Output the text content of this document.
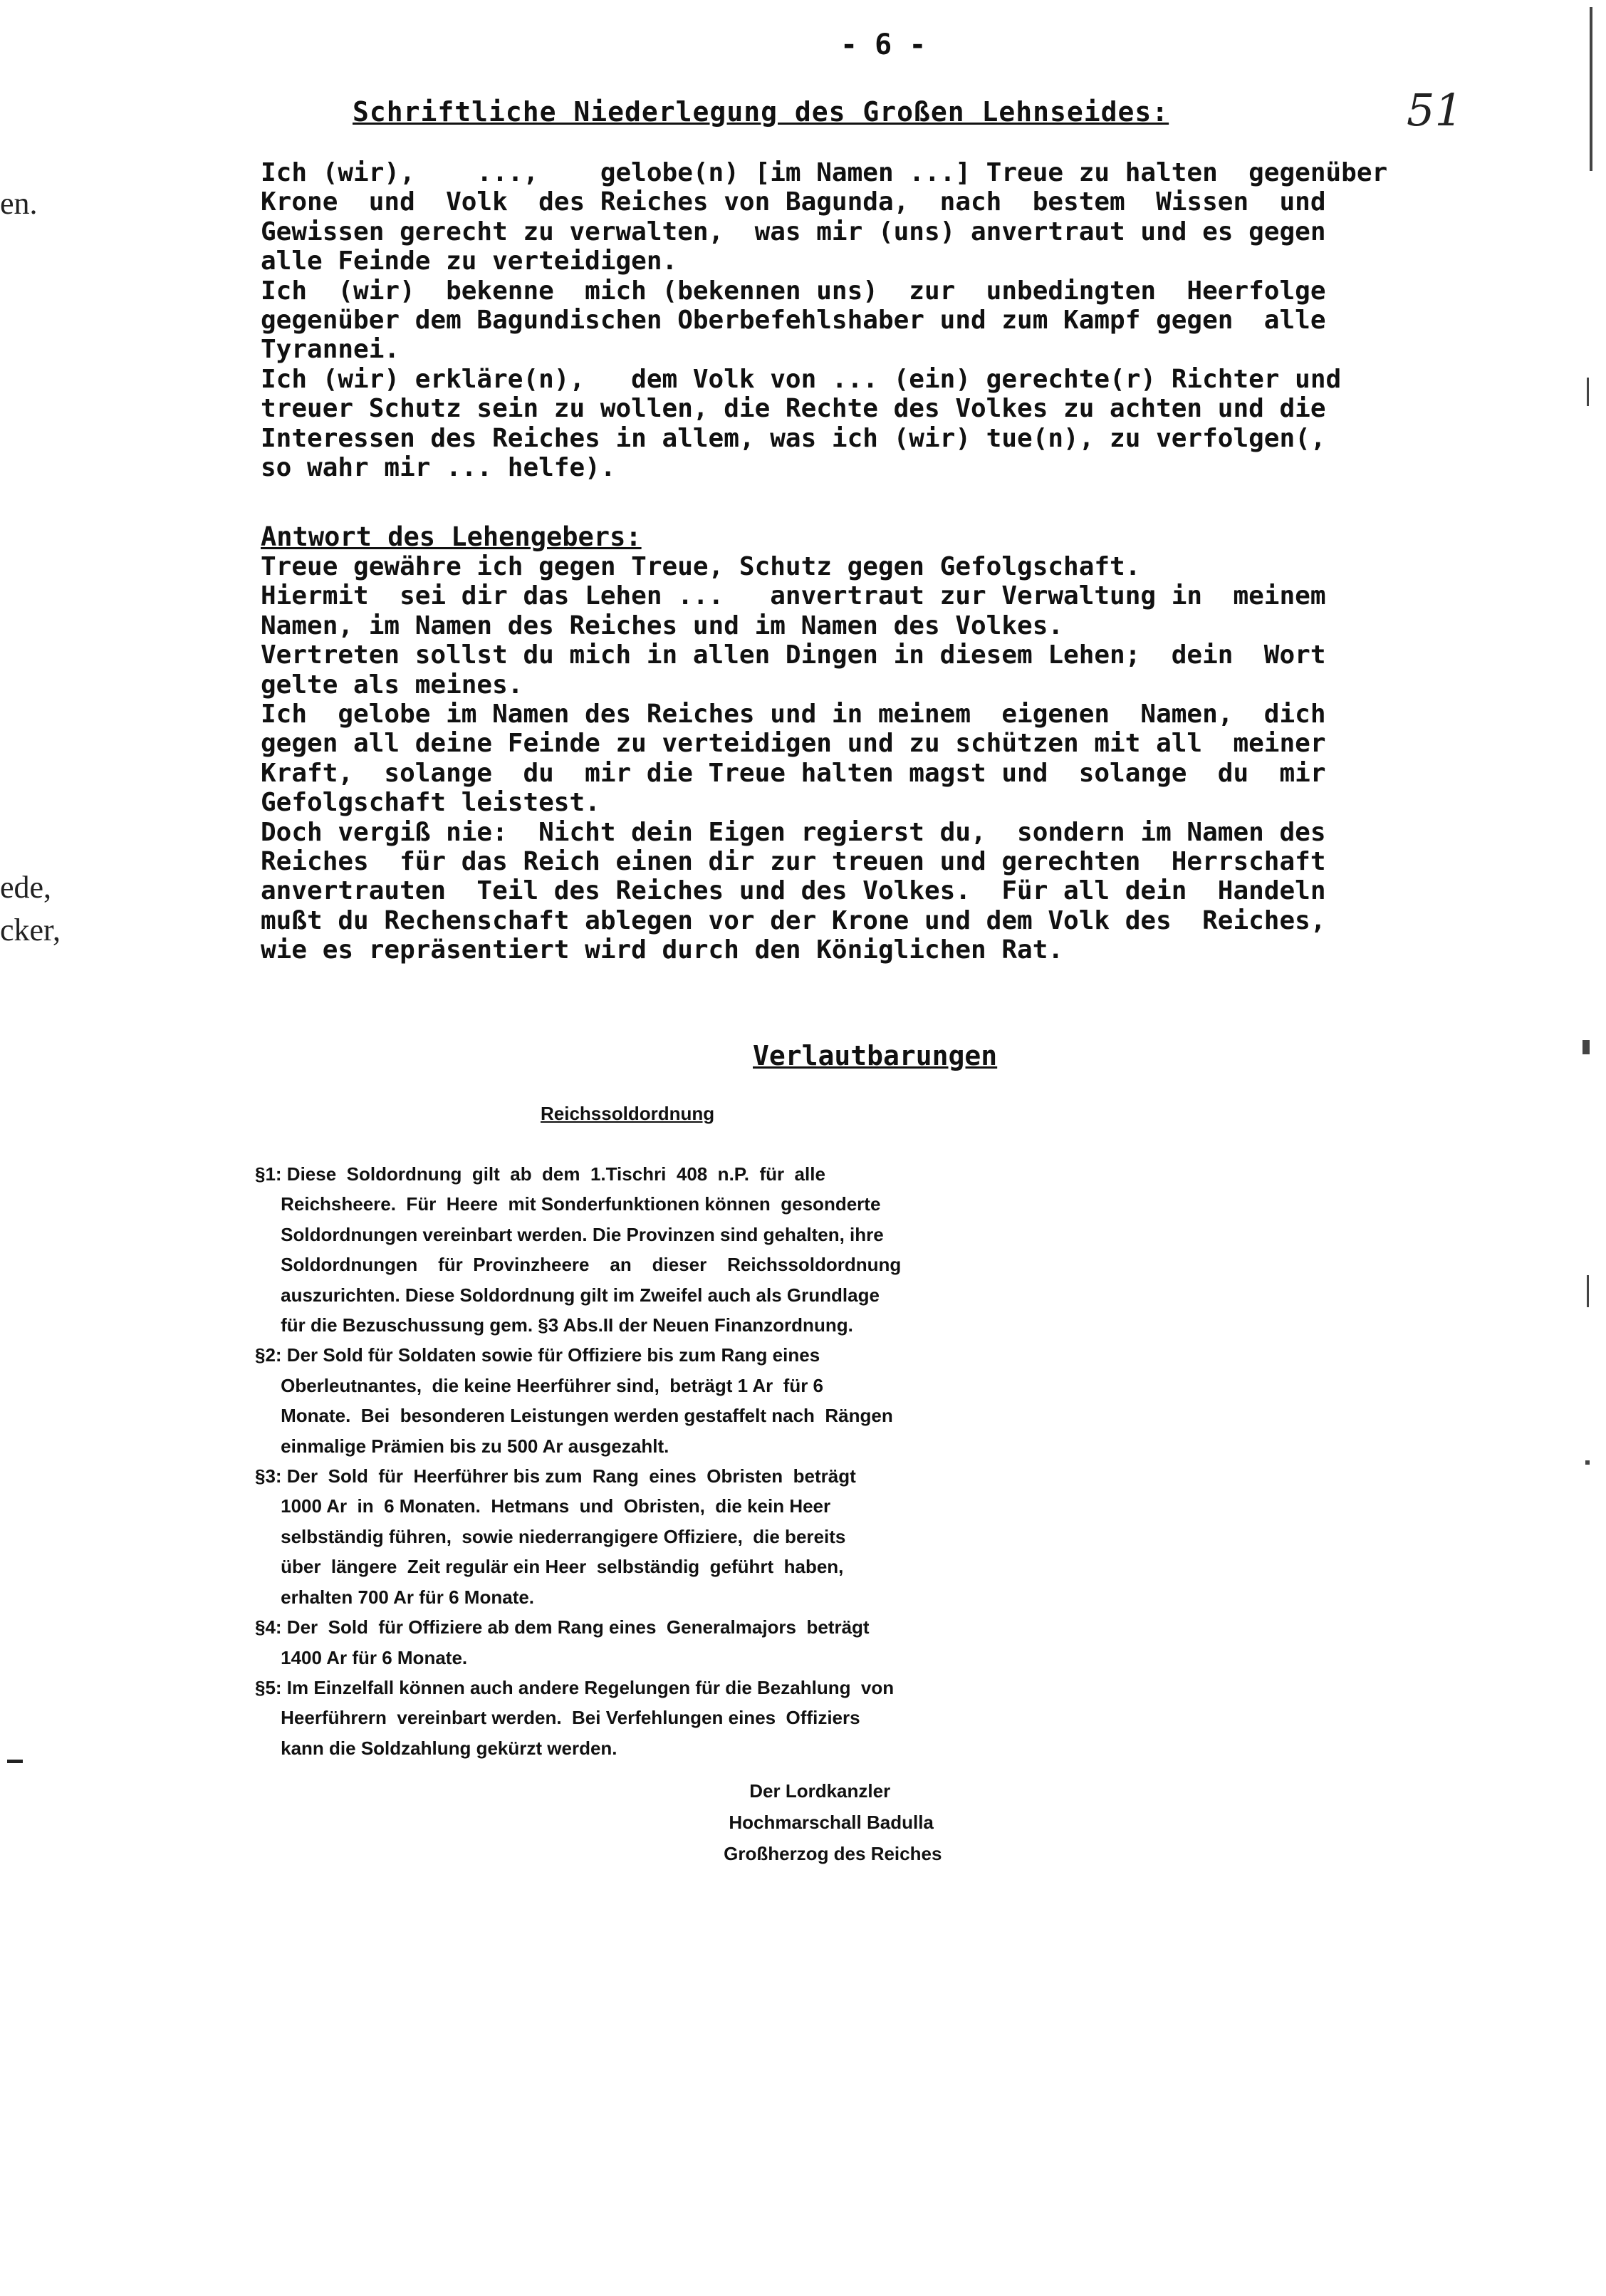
- 6 -
51
Schriftliche Niederlegung des Großen Lehnseides:
Ich (wir),    ...,    gelobe(n) [im Namen ...] Treue zu halten  gegenüber
Krone  und  Volk  des Reiches von Bagunda,  nach  bestem  Wissen  und
Gewissen gerecht zu verwalten,  was mir (uns) anvertraut und es gegen
alle Feinde zu verteidigen.
Ich  (wir)  bekenne  mich (bekennen uns)  zur  unbedingten  Heerfolge
gegenüber dem Bagundischen Oberbefehlshaber und zum Kampf gegen  alle
Tyrannei.
Ich (wir) erkläre(n),   dem Volk von ... (ein) gerechte(r) Richter und
treuer Schutz sein zu wollen, die Rechte des Volkes zu achten und die
Interessen des Reiches in allem, was ich (wir) tue(n), zu verfolgen(,
so wahr mir ... helfe).
Antwort des Lehengebers:
Treue gewähre ich gegen Treue, Schutz gegen Gefolgschaft.
Hiermit  sei dir das Lehen ...   anvertraut zur Verwaltung in  meinem
Namen, im Namen des Reiches und im Namen des Volkes.
Vertreten sollst du mich in allen Dingen in diesem Lehen;  dein  Wort
gelte als meines.
Ich  gelobe im Namen des Reiches und in meinem  eigenen  Namen,  dich
gegen all deine Feinde zu verteidigen und zu schützen mit all  meiner
Kraft,  solange  du  mir die Treue halten magst und  solange  du  mir
Gefolgschaft leistest.
Doch vergiß nie:  Nicht dein Eigen regierst du,  sondern im Namen des
Reiches  für das Reich einen dir zur treuen und gerechten  Herrschaft
anvertrauten  Teil des Reiches und des Volkes.  Für all dein  Handeln
mußt du Rechenschaft ablegen vor der Krone und dem Volk des  Reiches,
wie es repräsentiert wird durch den Königlichen Rat.
en.
ede,
cker,
Verlautbarungen
Reichssoldordnung
§1: Diese  Soldordnung  gilt  ab  dem  1.Tischri  408  n.P.  für  alle
Reichsheere.  Für  Heere  mit Sonderfunktionen können  gesonderte
Soldordnungen vereinbart werden. Die Provinzen sind gehalten, ihre
Soldordnungen    für  Provinzheere    an    dieser    Reichssoldordnung
auszurichten. Diese Soldordnung gilt im Zweifel auch als Grundlage
für die Bezuschussung gem. §3 Abs.II der Neuen Finanzordnung.
§2: Der Sold für Soldaten sowie für Offiziere bis zum Rang eines
Oberleutnantes,  die keine Heerführer sind,  beträgt 1 Ar  für 6
Monate.  Bei  besonderen Leistungen werden gestaffelt nach  Rängen
einmalige Prämien bis zu 500 Ar ausgezahlt.
§3: Der  Sold  für  Heerführer bis zum  Rang  eines  Obristen  beträgt
1000 Ar  in  6 Monaten.  Hetmans  und  Obristen,  die kein Heer
selbständig führen,  sowie niederrangigere Offiziere,  die bereits
über  längere  Zeit regulär ein Heer  selbständig  geführt  haben,
erhalten 700 Ar für 6 Monate.
§4: Der  Sold  für Offiziere ab dem Rang eines  Generalmajors  beträgt
1400 Ar für 6 Monate.
§5: Im Einzelfall können auch andere Regelungen für die Bezahlung  von
Heerführern  vereinbart werden.  Bei Verfehlungen eines  Offiziers
kann die Soldzahlung gekürzt werden.
Der Lordkanzler
Hochmarschall Badulla
Großherzog des Reiches
